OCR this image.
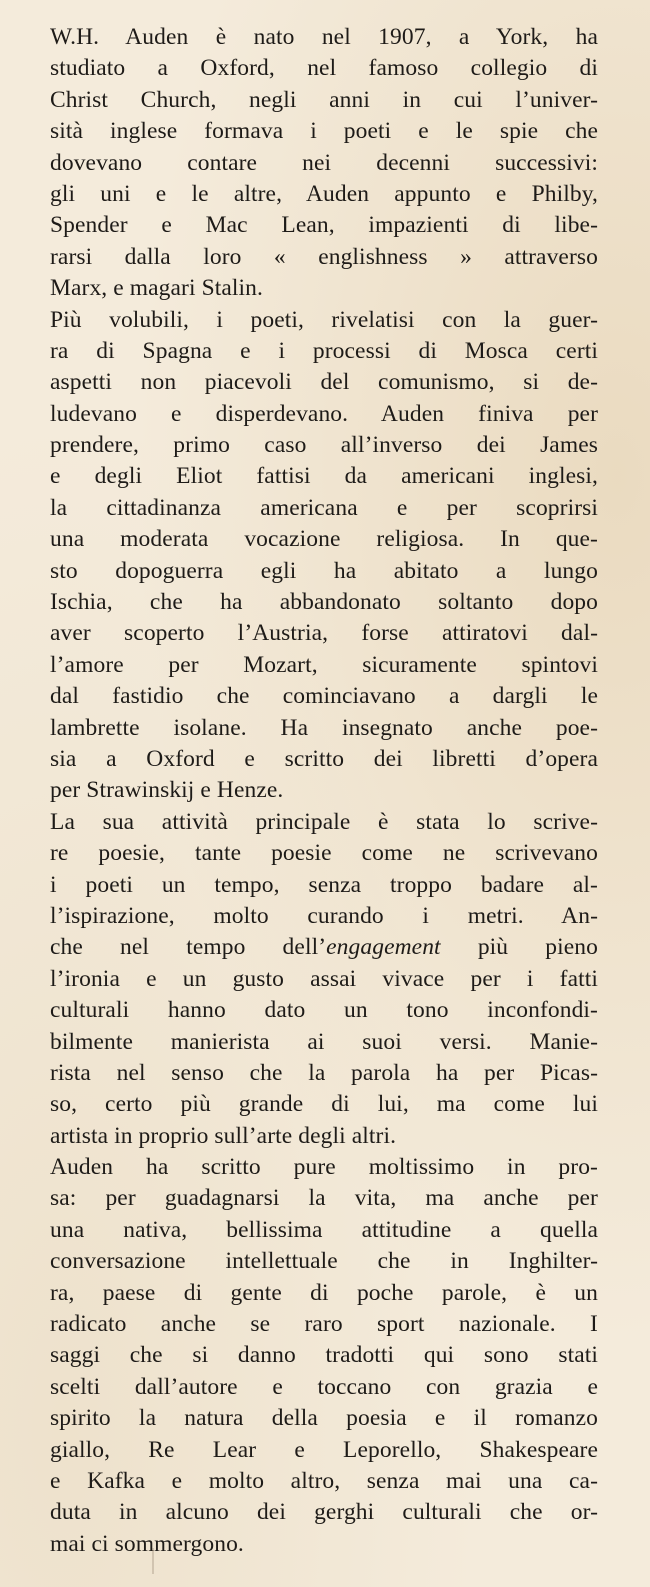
W.H. Auden è nato nel 1907, a York, ha
studiato a Oxford, nel famoso collegio di
Christ Church, negli anni in cui l’univer-
sità inglese formava i poeti e le spie che
dovevano contare nei decenni successivi:
gli uni e le altre, Auden appunto e Philby,
Spender e Mac Lean, impazienti di libe-
rarsi dalla loro « englishness » attraverso
Marx, e magari Stalin.
Più volubili, i poeti, rivelatisi con la guer-
ra di Spagna e i processi di Mosca certi
aspetti non piacevoli del comunismo, si de-
ludevano e disperdevano. Auden finiva per
prendere, primo caso all’inverso dei James
e degli Eliot fattisi da americani inglesi,
la cittadinanza americana e per scoprirsi
una moderata vocazione religiosa. In que-
sto dopoguerra egli ha abitato a lungo
Ischia, che ha abbandonato soltanto dopo
aver scoperto l’Austria, forse attiratovi dal-
l’amore per Mozart, sicuramente spintovi
dal fastidio che cominciavano a dargli le
lambrette isolane. Ha insegnato anche poe-
sia a Oxford e scritto dei libretti d’opera
per Strawinskij e Henze.
La sua attività principale è stata lo scrive-
re poesie, tante poesie come ne scrivevano
i poeti un tempo, senza troppo badare al-
l’ispirazione, molto curando i metri. An-
che nel tempo dell’engagement più pieno
l’ironia e un gusto assai vivace per i fatti
culturali hanno dato un tono inconfondi-
bilmente manierista ai suoi versi. Manie-
rista nel senso che la parola ha per Picas-
so, certo più grande di lui, ma come lui
artista in proprio sull’arte degli altri.
Auden ha scritto pure moltissimo in pro-
sa: per guadagnarsi la vita, ma anche per
una nativa, bellissima attitudine a quella
conversazione intellettuale che in Inghilter-
ra, paese di gente di poche parole, è un
radicato anche se raro sport nazionale. I
saggi che si danno tradotti qui sono stati
scelti dall’autore e toccano con grazia e
spirito la natura della poesia e il romanzo
giallo, Re Lear e Leporello, Shakespeare
e Kafka e molto altro, senza mai una ca-
duta in alcuno dei gerghi culturali che or-
mai ci sommergono.
